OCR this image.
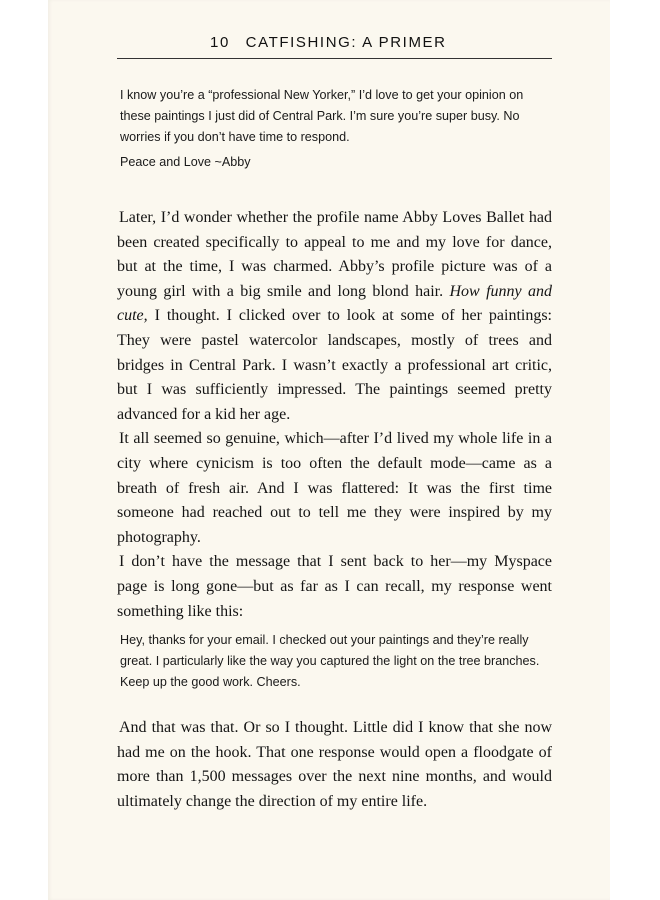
10 CATFISHING: A PRIMER

I know you’re a “professional New Yorker,” I’d love to get your opinion on these paintings I just did of Central Park. I’m sure you’re super busy. No worries if you don’t have time to respond.

Peace and Love ~Abby

Later, I’d wonder whether the profile name Abby Loves Ballet had been created specifically to appeal to me and my love for dance, but at the time, I was charmed. Abby’s profile picture was of a young girl with a big smile and long blond hair. How funny and cute, I thought. I clicked over to look at some of her paintings: They were pastel watercolor landscapes, mostly of trees and bridges in Central Park. I wasn’t exactly a professional art critic, but I was sufficiently impressed. The paintings seemed pretty advanced for a kid her age.

It all seemed so genuine, which—after I’d lived my whole life in a city where cynicism is too often the default mode—came as a breath of fresh air. And I was flattered: It was the first time someone had reached out to tell me they were inspired by my photography.

I don’t have the message that I sent back to her—my Myspace page is long gone—but as far as I can recall, my response went something like this:

Hey, thanks for your email. I checked out your paintings and they’re really great. I particularly like the way you captured the light on the tree branches. Keep up the good work. Cheers.

And that was that. Or so I thought. Little did I know that she now had me on the hook. That one response would open a floodgate of more than 1,500 messages over the next nine months, and would ultimately change the direction of my entire life.
